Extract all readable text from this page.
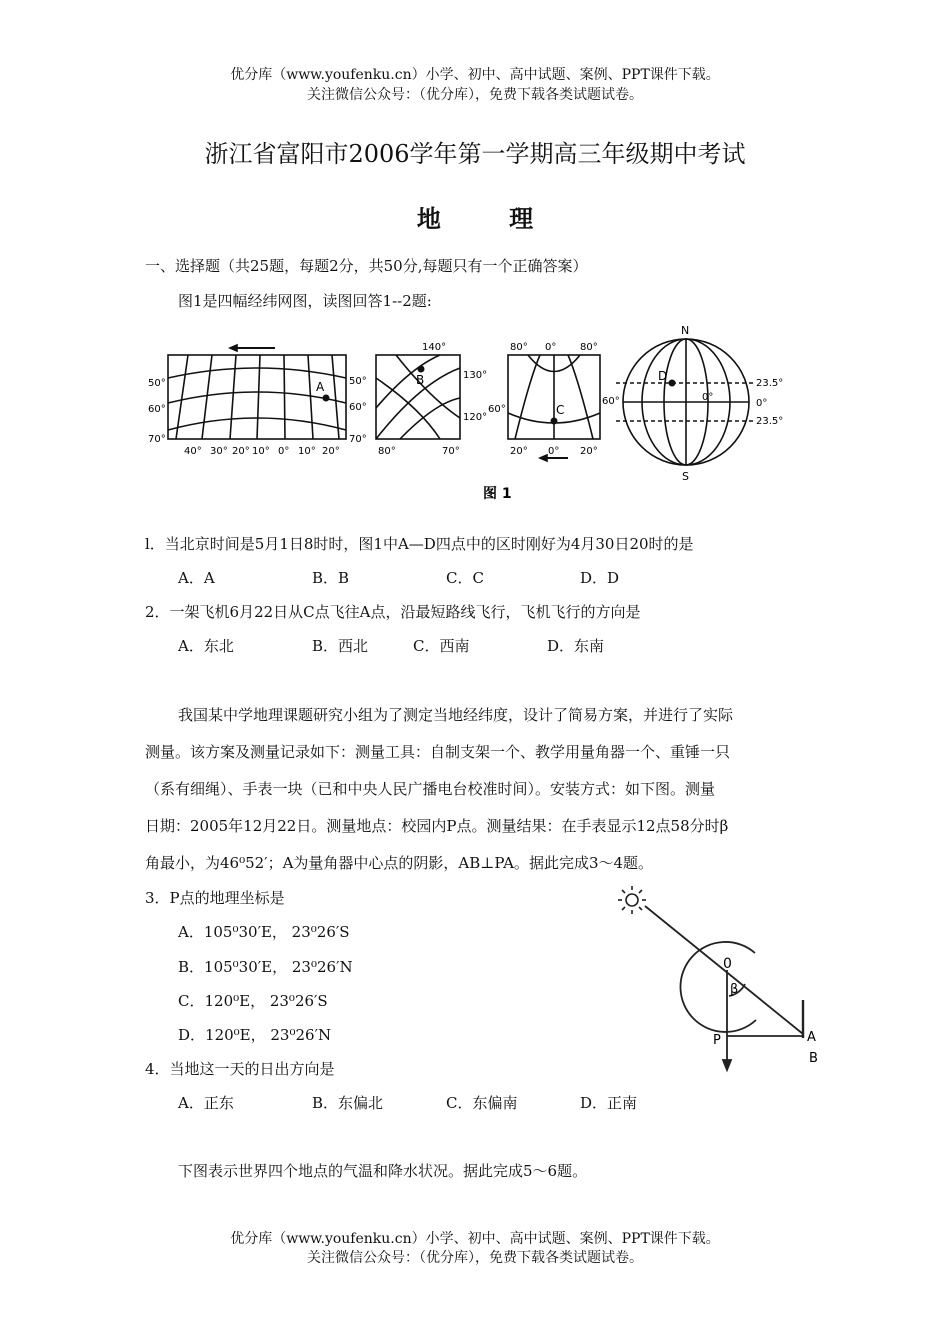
优分库（www.youfenku.cn）小学、初中、高中试题、案例、PPT课件下载。
关注微信公众号：（优分库），免费下载各类试题试卷。
浙江省富阳市2006学年第一学期高三年级期中考试
地 理
一、选择题（共25题，每题2分，共50分,每题只有一个正确答案）
图1是四幅经纬网图，读图回答1--2题:
A
50°
60°
70°
50°
60°
70°
40° 30° 20° 10° 0° 10° 20°
B
140°
130°
120°
80°	70°
C
80° 0° 80°
60°
60°
20° 0° 20°
D
N
S
23.5°
0°
23.5°
0°
图 1
l．当北京时间是5月1日8时时，图1中A—D四点中的区时刚好为4月30日20时的是
A．A	B．B	C．C	D．D
2．一架飞机6月22日从C点飞往A点，沿最短路线飞行，飞机飞行的方向是
A．东北	B．西北	C．西南	D．东南
我国某中学地理课题研究小组为了测定当地经纬度，设计了简易方案，并进行了实际
测量。该方案及测量记录如下：测量工具：自制支架一个、教学用量角器一个、重锤一只
（系有细绳）、手表一块（已和中央人民广播电台校准时间）。安装方式：如下图。测量
日期：2005年12月22日。测量地点：校园内P点。测量结果：在手表显示12点58分时β
角最小，为46⁰52′；A为量角器中心点的阴影，AB⊥PA。据此完成3～4题。
3．P点的地理坐标是
A．105⁰30′E， 23⁰26′S
B．105⁰30′E， 23⁰26′N
C．120⁰E， 23⁰26′S
D．120⁰E， 23⁰26′N
4．当地这一天的日出方向是
A．正东	B．东偏北	C．东偏南	D．正南
0
β
P	A
B
下图表示世界四个地点的气温和降水状况。据此完成5～6题。
优分库（www.youfenku.cn）小学、初中、高中试题、案例、PPT课件下载。
关注微信公众号：（优分库），免费下载各类试题试卷。
